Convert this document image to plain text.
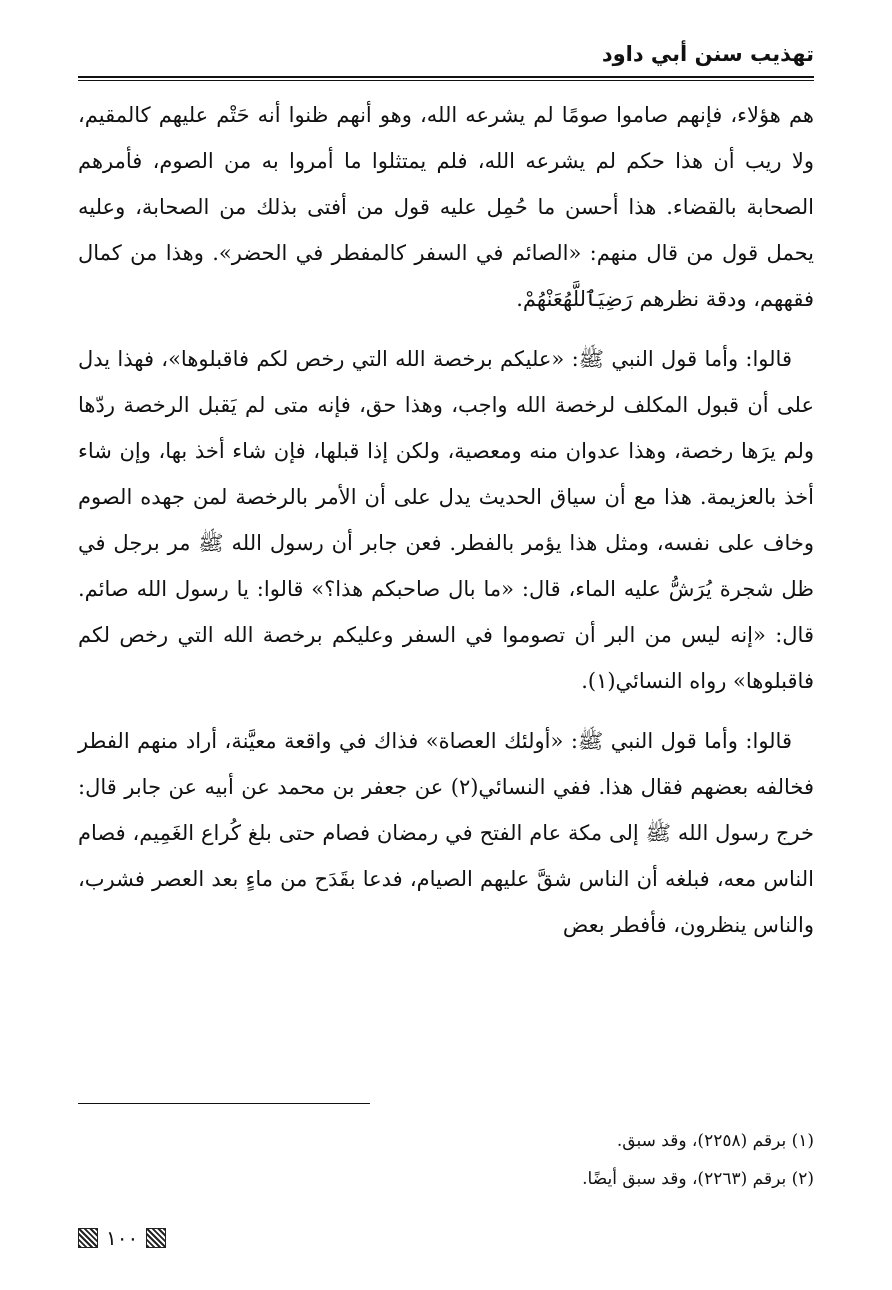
تهذيب سنن أبي داود

هم هؤلاء، فإنهم صاموا صومًا لم يشرعه الله، وهو أنهم ظنوا أنه حَتْم عليهم كالمقيم، ولا ريب أن هذا حكم لم يشرعه الله، فلم يمتثلوا ما أمروا به من الصوم، فأمرهم الصحابة بالقضاء. هذا أحسن ما حُمِل عليه قول من أفتى بذلك من الصحابة، وعليه يحمل قول من قال منهم: «الصائم في السفر كالمفطر في الحضر». وهذا من كمال فقههم، ودقة نظرهم رَضِيَٱللَّهُعَنْهُمْ.

قالوا: وأما قول النبي ﷺ: «عليكم برخصة الله التي رخص لكم فاقبلوها»، فهذا يدل على أن قبول المكلف لرخصة الله واجب، وهذا حق، فإنه متى لم يَقبل الرخصة ردّها ولم يرَها رخصة، وهذا عدوان منه ومعصية، ولكن إذا قبلها، فإن شاء أخذ بها، وإن شاء أخذ بالعزيمة. هذا مع أن سياق الحديث يدل على أن الأمر بالرخصة لمن جهده الصوم وخاف على نفسه، ومثل هذا يؤمر بالفطر. فعن جابر أن رسول الله ﷺ مر برجل في ظل شجرة يُرَشُّ عليه الماء، قال: «ما بال صاحبكم هذا؟» قالوا: يا رسول الله صائم. قال: «إنه ليس من البر أن تصوموا في السفر وعليكم برخصة الله التي رخص لكم فاقبلوها» رواه النسائي(١).

قالوا: وأما قول النبي ﷺ: «أولئك العصاة» فذاك في واقعة معيَّنة، أراد منهم الفطر فخالفه بعضهم فقال هذا. ففي النسائي(٢) عن جعفر بن محمد عن أبيه عن جابر قال: خرج رسول الله ﷺ إلى مكة عام الفتح في رمضان فصام حتى بلغ كُراع الغَمِيم، فصام الناس معه، فبلغه أن الناس شقَّ عليهم الصيام، فدعا بقَدَح من ماءٍ بعد العصر فشرب، والناس ينظرون، فأفطر بعض

(١) برقم (٢٢٥٨)، وقد سبق.
(٢) برقم (٢٢٦٣)، وقد سبق أيضًا.
١٠٠
